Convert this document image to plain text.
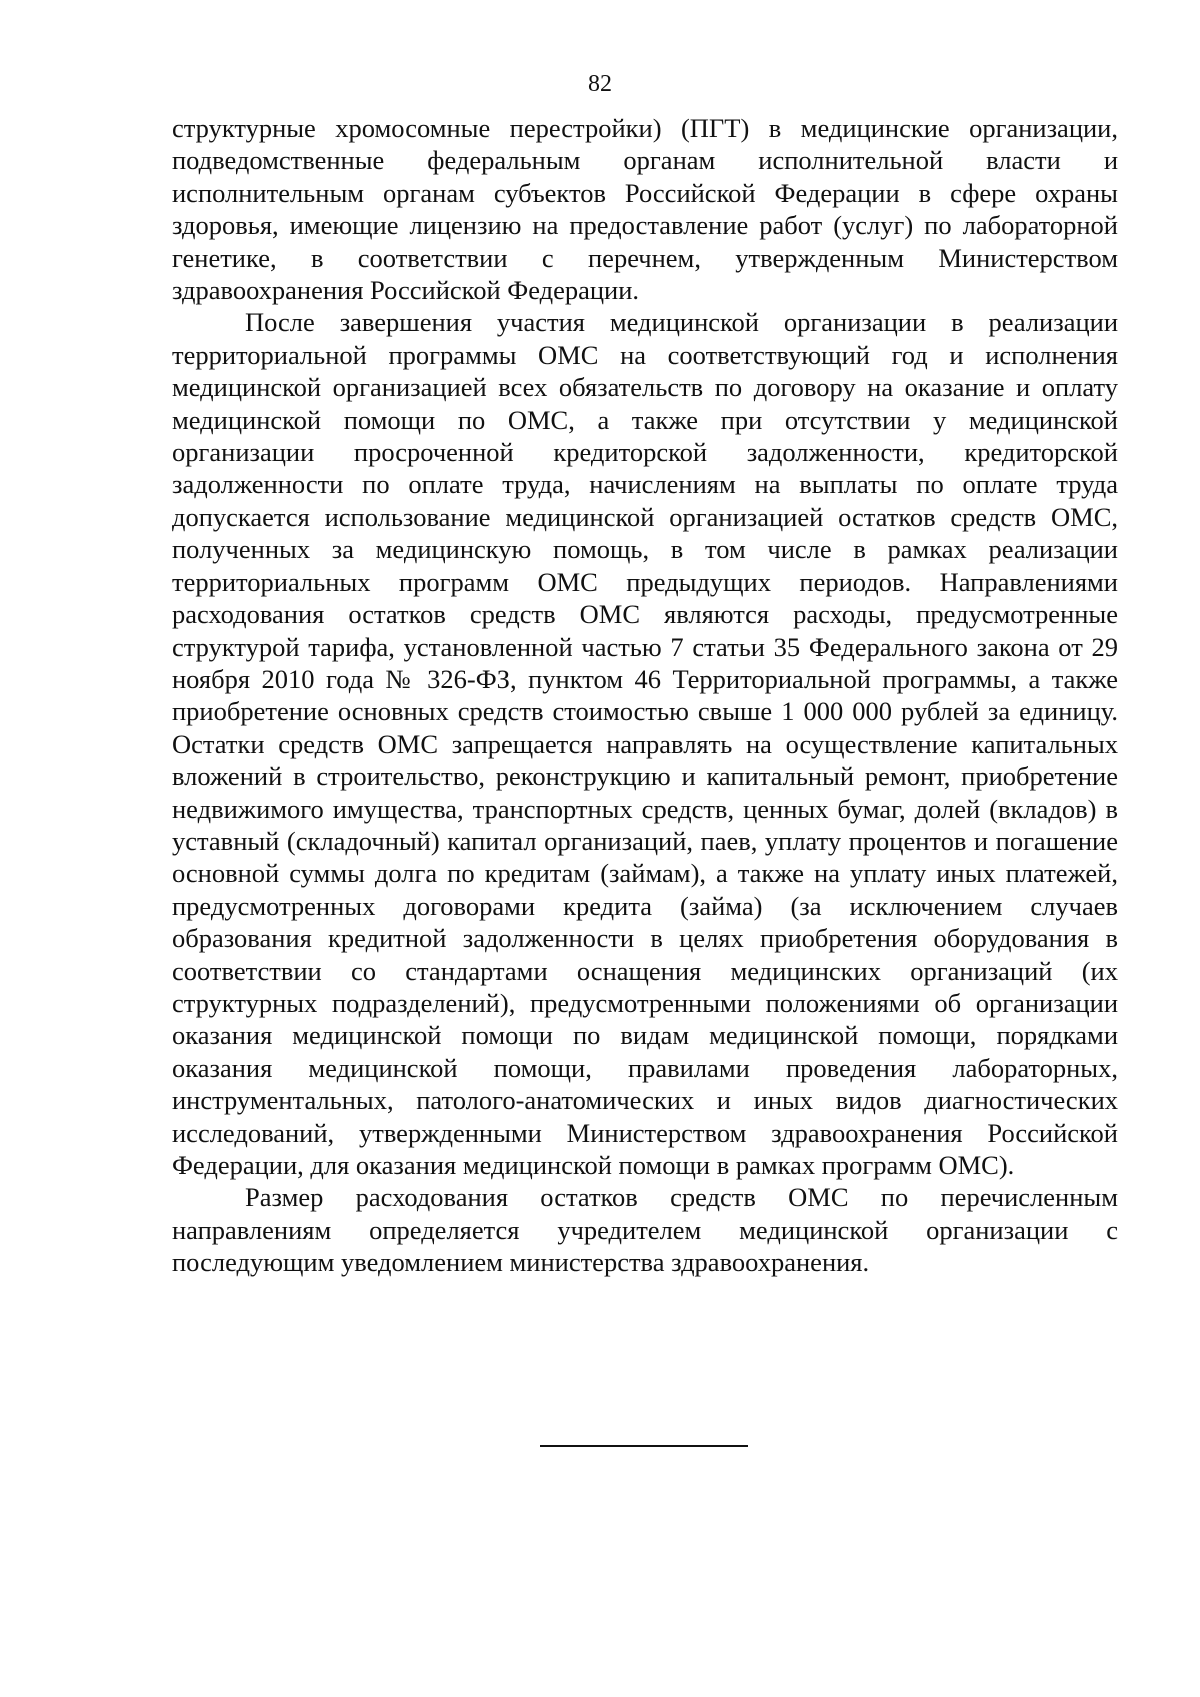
82

структурные хромосомные перестройки) (ПГТ) в медицинские организации, подведомственные федеральным органам исполнительной власти и исполнительным органам субъектов Российской Федерации в сфере охраны здоровья, имеющие лицензию на предоставление работ (услуг) по лабораторной генетике, в соответствии с перечнем, утвержденным Министерством здравоохранения Российской Федерации.

После завершения участия медицинской организации в реализации территориальной программы ОМС на соответствующий год и исполнения медицинской организацией всех обязательств по договору на оказание и оплату медицинской помощи по ОМС, а также при отсутствии у медицинской организации просроченной кредиторской задолженности, кредиторской задолженности по оплате труда, начислениям на выплаты по оплате труда допускается использование медицинской организацией остатков средств ОМС, полученных за медицинскую помощь, в том числе в рамках реализации территориальных программ ОМС предыдущих периодов. Направлениями расходования остатков средств ОМС являются расходы, предусмотренные структурой тарифа, установленной частью 7 статьи 35 Федерального закона от 29 ноября 2010 года № 326-ФЗ, пунктом 46 Территориальной программы, а также приобретение основных средств стоимостью свыше 1 000 000 рублей за единицу. Остатки средств ОМС запрещается направлять на осуществление капитальных вложений в строительство, реконструкцию и капитальный ремонт, приобретение недвижимого имущества, транспортных средств, ценных бумаг, долей (вкладов) в уставный (складочный) капитал организаций, паев, уплату процентов и погашение основной суммы долга по кредитам (займам), а также на уплату иных платежей, предусмотренных договорами кредита (займа) (за исключением случаев образования кредитной задолженности в целях приобретения оборудования в соответствии со стандартами оснащения медицинских организаций (их структурных подразделений), предусмотренными положениями об организации оказания медицинской помощи по видам медицинской помощи, порядками оказания медицинской помощи, правилами проведения лабораторных, инструментальных, патолого-анатомических и иных видов диагностических исследований, утвержденными Министерством здравоохранения Российской Федерации, для оказания медицинской помощи в рамках программ ОМС).

Размер расходования остатков средств ОМС по перечисленным направлениям определяется учредителем медицинской организации с последующим уведомлением министерства здравоохранения.
